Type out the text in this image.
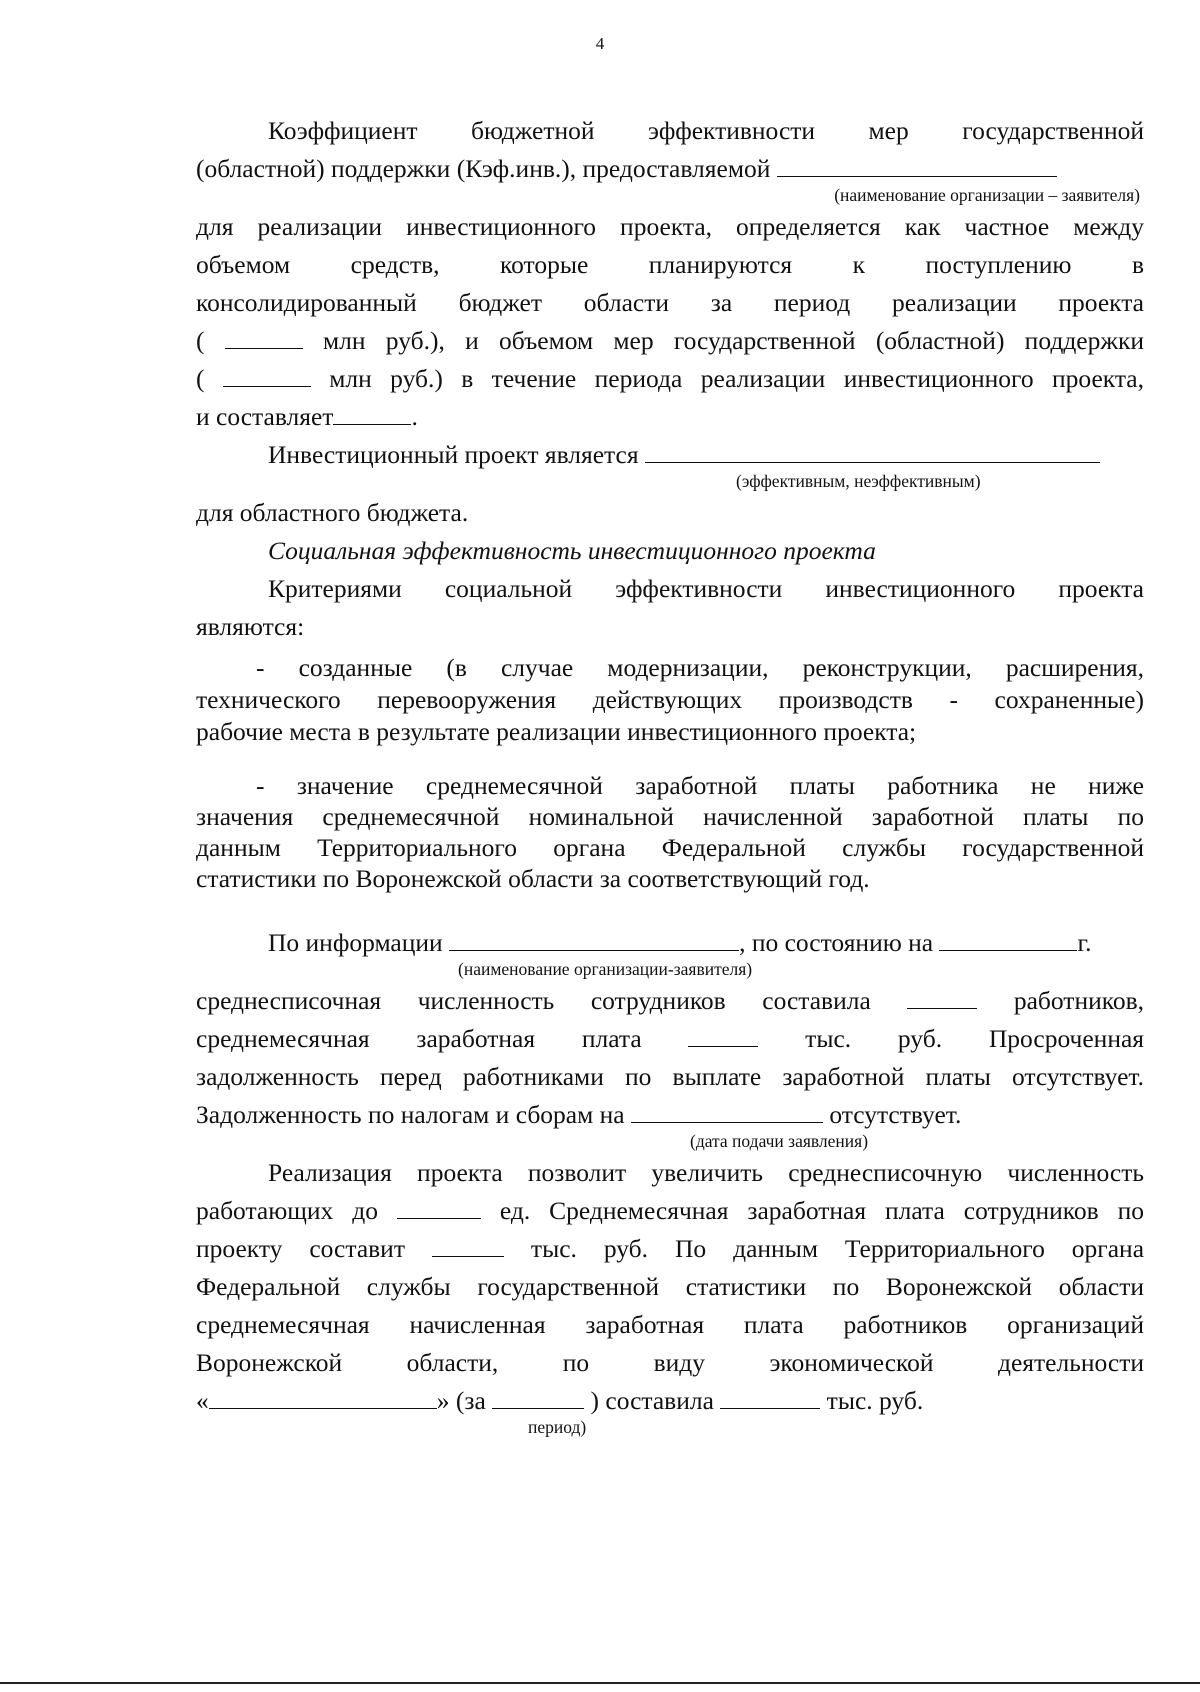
4
Коэффициент бюджетной эффективности мер государственной
(областной) поддержки (Кэф.инв.), предоставляемой
(наименование организации – заявителя)
для реализации инвестиционного проекта, определяется как частное между
объемом средств, которые планируются к поступлению в
консолидированный бюджет области за период реализации проекта
(	млн руб.), и объемом мер государственной (областной) поддержки
(	млн руб.) в течение периода реализации инвестиционного проекта,
и составляет	.
Инвестиционный проект является
(эффективным, неэффективным)
для областного бюджета.
Социальная эффективность инвестиционного проекта
Критериями социальной эффективности инвестиционного проекта
являются:
- созданные (в случае модернизации, реконструкции, расширения,
технического перевооружения действующих производств - сохраненные)
рабочие места в результате реализации инвестиционного проекта;
- значение среднемесячной заработной платы работника не ниже
значения среднемесячной номинальной начисленной заработной платы по
данным Территориального органа Федеральной службы государственной
статистики по Воронежской области за соответствующий год.
По информации	, по состоянию на	г.
(наименование организации-заявителя)
среднесписочная численность сотрудников составила	работников,
среднемесячная заработная плата	тыс. руб. Просроченная
задолженность перед работниками по выплате заработной платы отсутствует.
Задолженность по налогам и сборам на	отсутствует.
(дата подачи заявления)
Реализация проекта позволит увеличить среднесписочную численность
работающих до	ед. Среднемесячная заработная плата сотрудников по
проекту составит	тыс. руб. По данным Территориального органа
Федеральной службы государственной статистики по Воронежской области
среднемесячная начисленная заработная плата работников организаций
Воронежской области, по виду экономической деятельности
«	» (за	) составила	тыс. руб.
период)
